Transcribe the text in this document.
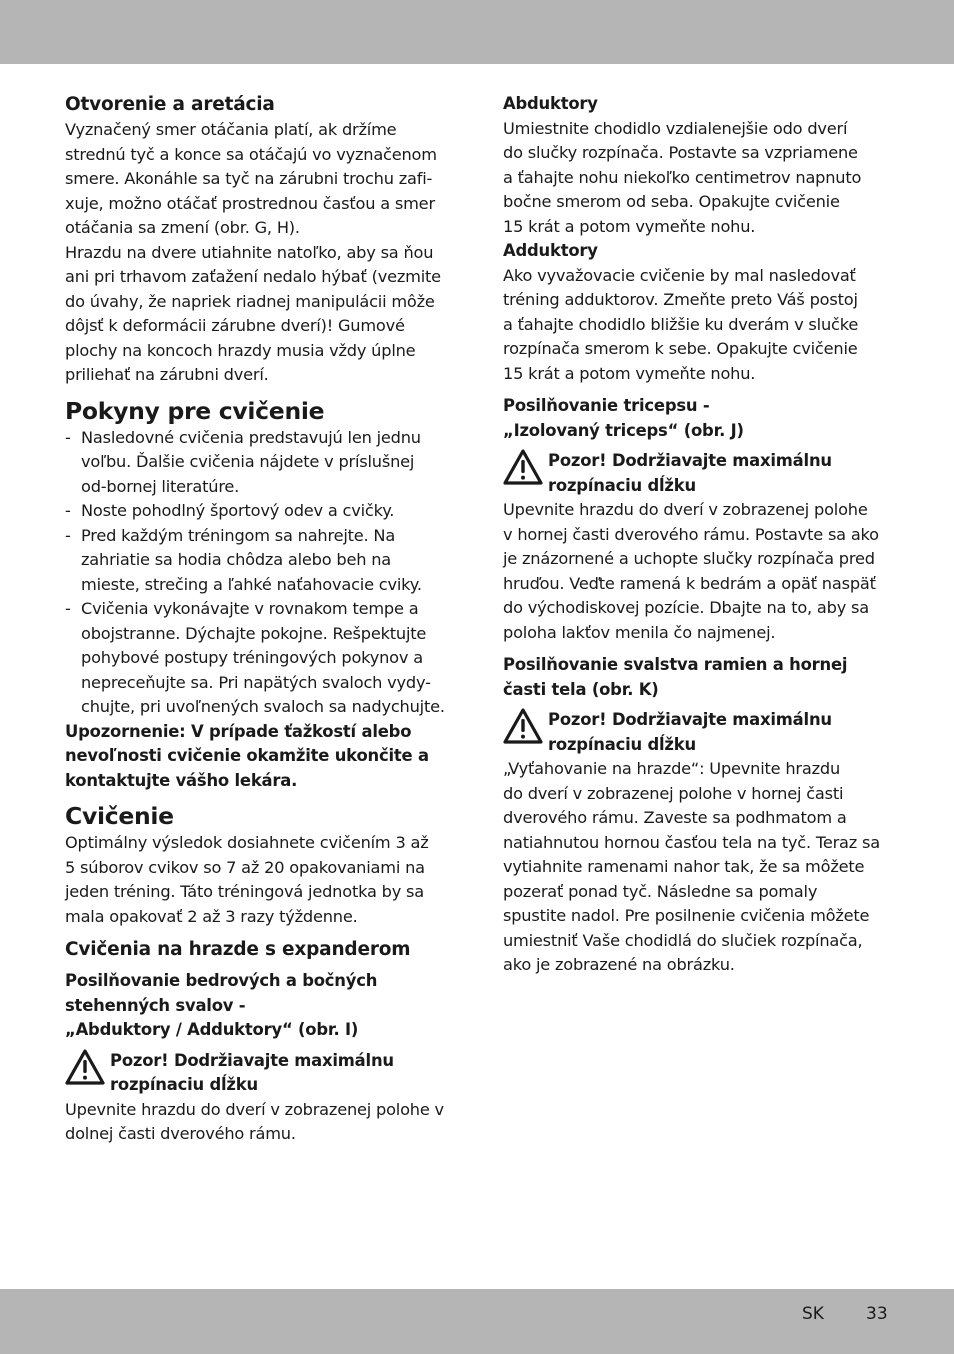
Otvorenie a aretácia
Vyznačený smer otáčania platí, ak držíme
strednú tyč a konce sa otáčajú vo vyznačenom
smere. Akonáhle sa tyč na zárubni trochu zafi-
xuje, možno otáčať prostrednou časťou a smer
otáčania sa zmení (obr. G, H).
Hrazdu na dvere utiahnite natoľko, aby sa ňou
ani pri trhavom zaťažení nedalo hýbať (vezmite
do úvahy, že napriek riadnej manipulácii môže
dôjsť k deformácii zárubne dverí)! Gumové
plochy na koncoch hrazdy musia vždy úplne
priliehať na zárubni dverí.
Pokyny pre cvičenie
- Nasledovné cvičenia predstavujú len jednu
voľbu. Ďalšie cvičenia nájdete v príslušnej
od-bornej literatúre.
- Noste pohodlný športový odev a cvičky.
- Pred každým tréningom sa nahrejte. Na
zahriatie sa hodia chôdza alebo beh na
mieste, strečing a ľahké naťahovacie cviky.
- Cvičenia vykonávajte v rovnakom tempe a
obojstranne. Dýchajte pokojne. Rešpektujte
pohybové postupy tréningových pokynov a
nepreceňujte sa. Pri napätých svaloch vydy-
chujte, pri uvoľnených svaloch sa nadychujte.
Upozornenie: V prípade ťažkostí alebo
nevoľnosti cvičenie okamžite ukončite a
kontaktujte vášho lekára.
Cvičenie
Optimálny výsledok dosiahnete cvičením 3 až
5 súborov cvikov so 7 až 20 opakovaniami na
jeden tréning. Táto tréningová jednotka by sa
mala opakovať 2 až 3 razy týždenne.
Cvičenia na hrazde s expanderom
Posilňovanie bedrových a bočných
stehenných svalov -
„Abduktory / Adduktory“ (obr. I)
Pozor! Dodržiavajte maximálnu
rozpínaciu dĺžku
Upevnite hrazdu do dverí v zobrazenej polohe v
dolnej časti dverového rámu.
Abduktory
Umiestnite chodidlo vzdialenejšie odo dverí
do slučky rozpínača. Postavte sa vzpriamene
a ťahajte nohu niekoľko centimetrov napnuto
bočne smerom od seba. Opakujte cvičenie
15 krát a potom vymeňte nohu.
Adduktory
Ako vyvažovacie cvičenie by mal nasledovať
tréning adduktorov. Zmeňte preto Váš postoj
a ťahajte chodidlo bližšie ku dverám v slučke
rozpínača smerom k sebe. Opakujte cvičenie
15 krát a potom vymeňte nohu.
Posilňovanie tricepsu -
„Izolovaný triceps“ (obr. J)
Pozor! Dodržiavajte maximálnu
rozpínaciu dĺžku
Upevnite hrazdu do dverí v zobrazenej polohe
v hornej časti dverového rámu. Postavte sa ako
je znázornené a uchopte slučky rozpínača pred
hruďou. Veďte ramená k bedrám a opäť naspäť
do východiskovej pozície. Dbajte na to, aby sa
poloha lakťov menila čo najmenej.
Posilňovanie svalstva ramien a hornej
časti tela (obr. K)
Pozor! Dodržiavajte maximálnu
rozpínaciu dĺžku
„Vyťahovanie na hrazde“: Upevnite hrazdu
do dverí v zobrazenej polohe v hornej časti
dverového rámu. Zaveste sa podhmatom a
natiahnutou hornou časťou tela na tyč. Teraz sa
vytiahnite ramenami nahor tak, že sa môžete
pozerať ponad tyč. Následne sa pomaly
spustite nadol. Pre posilnenie cvičenia môžete
umiestniť Vaše chodidlá do slučiek rozpínača,
ako je zobrazené na obrázku.
SK 33
